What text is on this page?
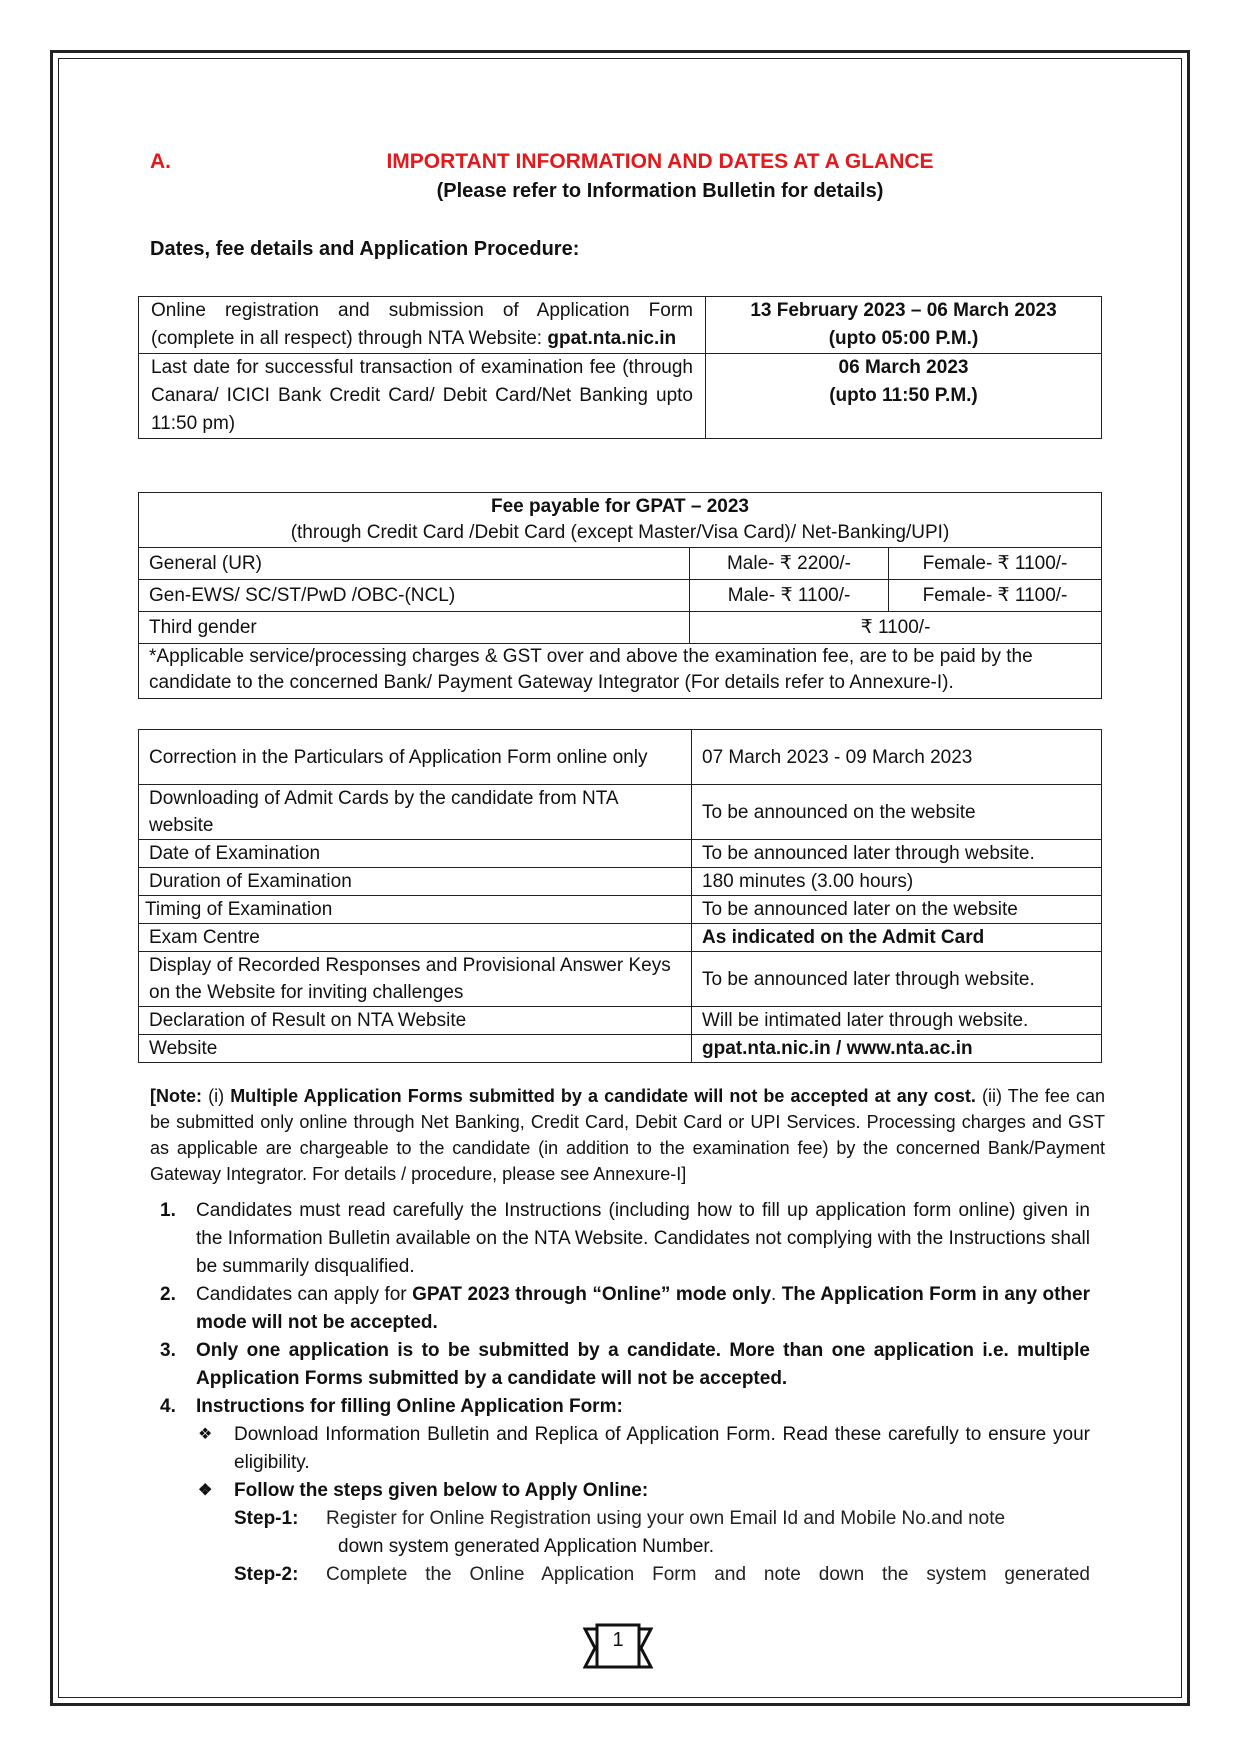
A.	IMPORTANT INFORMATION AND DATES AT A GLANCE
(Please refer to Information Bulletin for details)
Dates, fee details and Application Procedure:
Online registration and submission of Application Form (complete in all respect) through NTA Website: gpat.nta.nic.in	13 February 2023 – 06 March 2023
(upto 05:00 P.M.)

Last date for successful transaction of examination fee (through Canara/ ICICI Bank Credit Card/ Debit Card/Net Banking upto 11:50 pm)	06 March 2023
(upto 11:50 P.M.)
Fee payable for GPAT – 2023
(through Credit Card /Debit Card (except Master/Visa Card)/ Net-Banking/UPI)		

General (UR)	Male- ₹ 2200/-	Female- ₹ 1100/-
Gen-EWS/ SC/ST/PwD /OBC-(NCL)	Male- ₹ 1100/-	Female- ₹ 1100/-
Third gender	₹ 1100/-	
*Applicable service/processing charges & GST over and above the examination fee, are to be paid by the candidate to the concerned Bank/ Payment Gateway Integrator (For details refer to Annexure-I).		
Correction in the Particulars of Application Form online only	07 March 2023 - 09 March 2023
Downloading of Admit Cards by the candidate from NTA website	To be announced on the website
Date of Examination	To be announced later through website.
Duration of Examination	180 minutes (3.00 hours)
Timing of Examination	To be announced later on the website
Exam Centre	As indicated on the Admit Card
Display of Recorded Responses and Provisional Answer Keys on the Website for inviting challenges	To be announced later through website.
Declaration of Result on NTA Website	Will be intimated later through website.
Website	gpat.nta.nic.in / www.nta.ac.in
[Note: (i) Multiple Application Forms submitted by a candidate will not be accepted at any cost. (ii) The fee can be submitted only online through Net Banking, Credit Card, Debit Card or UPI Services. Processing charges and GST as applicable are chargeable to the candidate (in addition to the examination fee) by the concerned Bank/Payment Gateway Integrator. For details / procedure, please see Annexure-I]
1. Candidates must read carefully the Instructions (including how to fill up application form online) given in the Information Bulletin available on the NTA Website. Candidates not complying with the Instructions shall be summarily disqualified.
2. Candidates can apply for GPAT 2023 through “Online” mode only. The Application Form in any other mode will not be accepted.
3. Only one application is to be submitted by a candidate. More than one application i.e. multiple Application Forms submitted by a candidate will not be accepted.
4. Instructions for filling Online Application Form:
❖ Download Information Bulletin and Replica of Application Form. Read these carefully to ensure your eligibility.
❖ Follow the steps given below to Apply Online:
Step-1:	Register for Online Registration using your own Email Id and Mobile No.and note
down system generated Application Number.
Step-2:	Complete the Online Application Form and note down the system generated
1
